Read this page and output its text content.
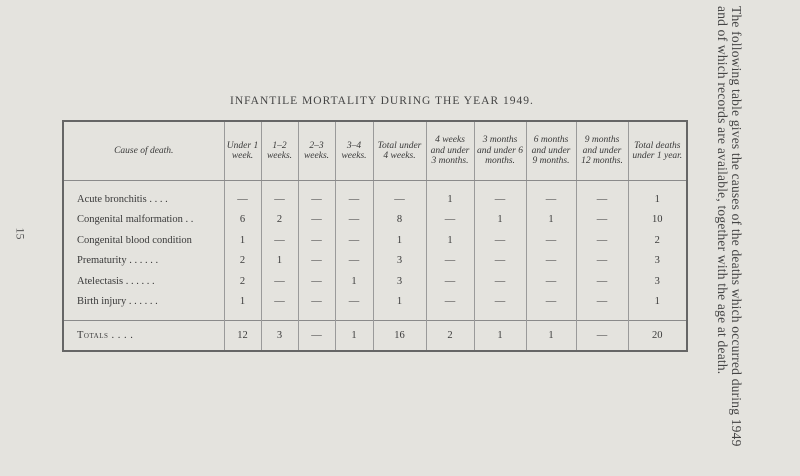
15	The following table gives the causes of the deaths which occurred during 1949 and of which records are available, together with the age at death.
INFANTILE MORTALITY DURING THE YEAR 1949.
Cause of death.	Under 1 week.	1–2 weeks.	2–3 weeks.	3–4 weeks.	Total under 4 weeks.	4 weeks and under 3 months.	3 months and under 6 months.	6 months and under 9 months.	9 months and under 12 months.	Total deaths under 1 year.

Acute bronchitis . . . .	—	—	—	—	—	1	—	—	—	1
Congenital malformation . .	6	2	—	—	8	—	1	1	—	10
Congenital blood condition	1	—	—	—	1	1	—	—	—	2
Prematurity . . . . . .	2	1	—	—	3	—	—	—	—	3
Atelectasis . . . . . .	2	—	—	1	3	—	—	—	—	3
Birth injury . . . . . .	1	—	—	—	1	—	—	—	—	1

Totals . . . .	12	3	—	1	16	2	1	1	—	20
